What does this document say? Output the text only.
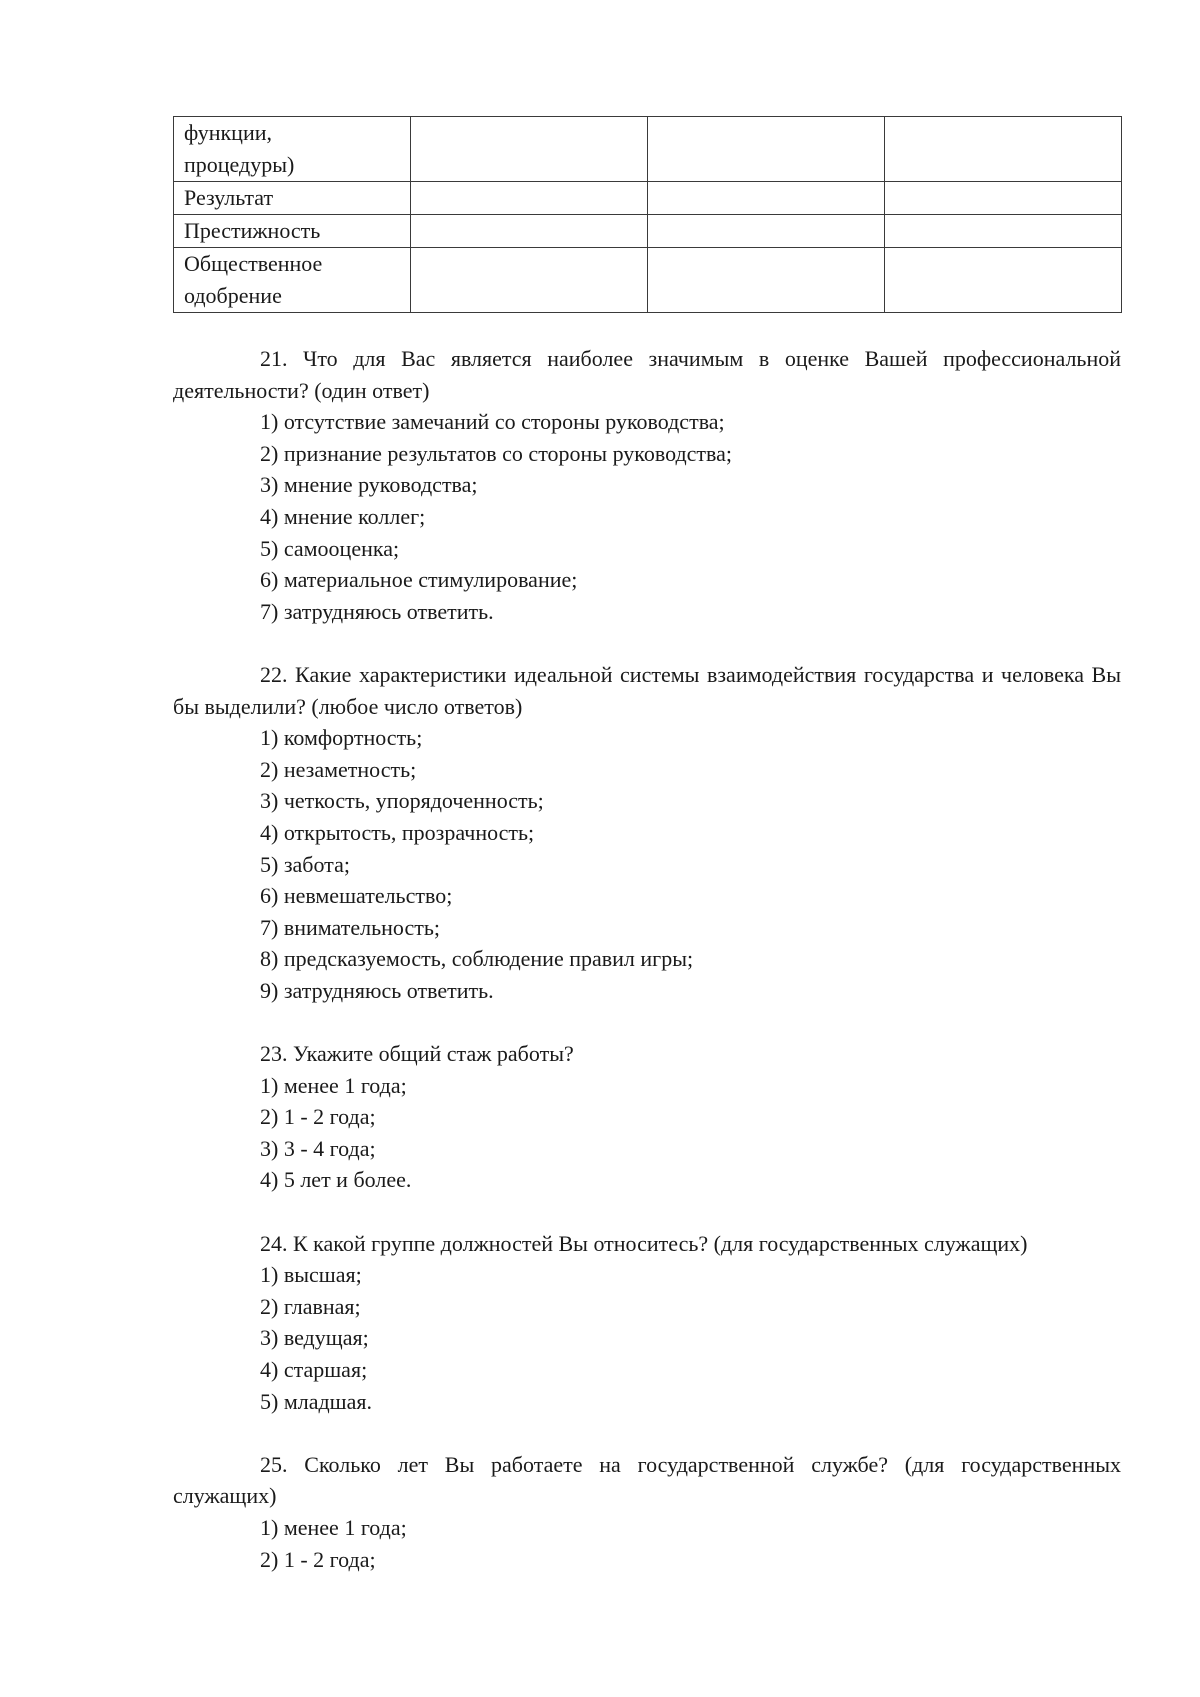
функции,
процедуры)			

Результат			

Престижность			

Общественное
одобрение			

21. Что для Вас является наиболее значимым в оценке Вашей профессиональной деятельности? (один ответ)

1) отсутствие замечаний со стороны руководства;

2) признание результатов со стороны руководства;

3) мнение руководства;

4) мнение коллег;

5) самооценка;

6) материальное стимулирование;

7) затрудняюсь ответить.

22. Какие характеристики идеальной системы взаимодействия государства и человека Вы бы выделили? (любое число ответов)

1) комфортность;

2) незаметность;

3) четкость, упорядоченность;

4) открытость, прозрачность;

5) забота;

6) невмешательство;

7) внимательность;

8) предсказуемость, соблюдение правил игры;

9) затрудняюсь ответить.

23. Укажите общий стаж работы?

1) менее 1 года;

2) 1 - 2 года;

3) 3 - 4 года;

4) 5 лет и более.

24. К какой группе должностей Вы относитесь? (для государственных служащих)

1) высшая;

2) главная;

3) ведущая;

4) старшая;

5) младшая.

25. Сколько лет Вы работаете на государственной службе? (для государственных служащих)

1) менее 1 года;

2) 1 - 2 года;
